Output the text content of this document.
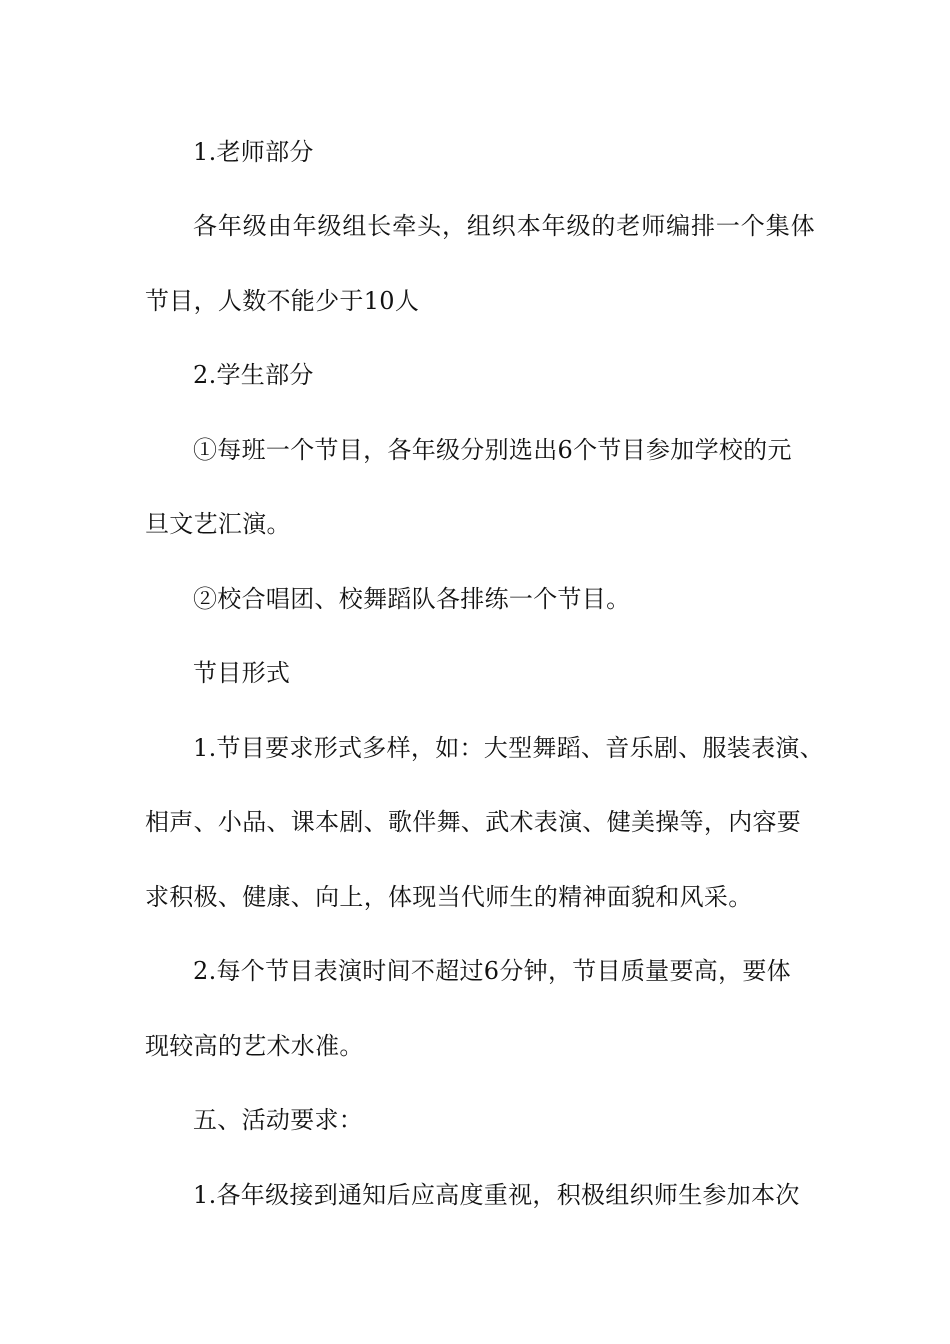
1.老师部分
各年级由年级组长牵头，组织本年级的老师编排一个集体
节目，人数不能少于10人
2.学生部分
①每班一个节目，各年级分别选出6个节目参加学校的元
旦文艺汇演。
②校合唱团、校舞蹈队各排练一个节目。
节目形式
1.节目要求形式多样，如：大型舞蹈、音乐剧、服装表演、
相声、小品、课本剧、歌伴舞、武术表演、健美操等，内容要
求积极、健康、向上，体现当代师生的精神面貌和风采。
2.每个节目表演时间不超过6分钟，节目质量要高，要体
现较高的艺术水准。
五、活动要求：
1.各年级接到通知后应高度重视，积极组织师生参加本次
